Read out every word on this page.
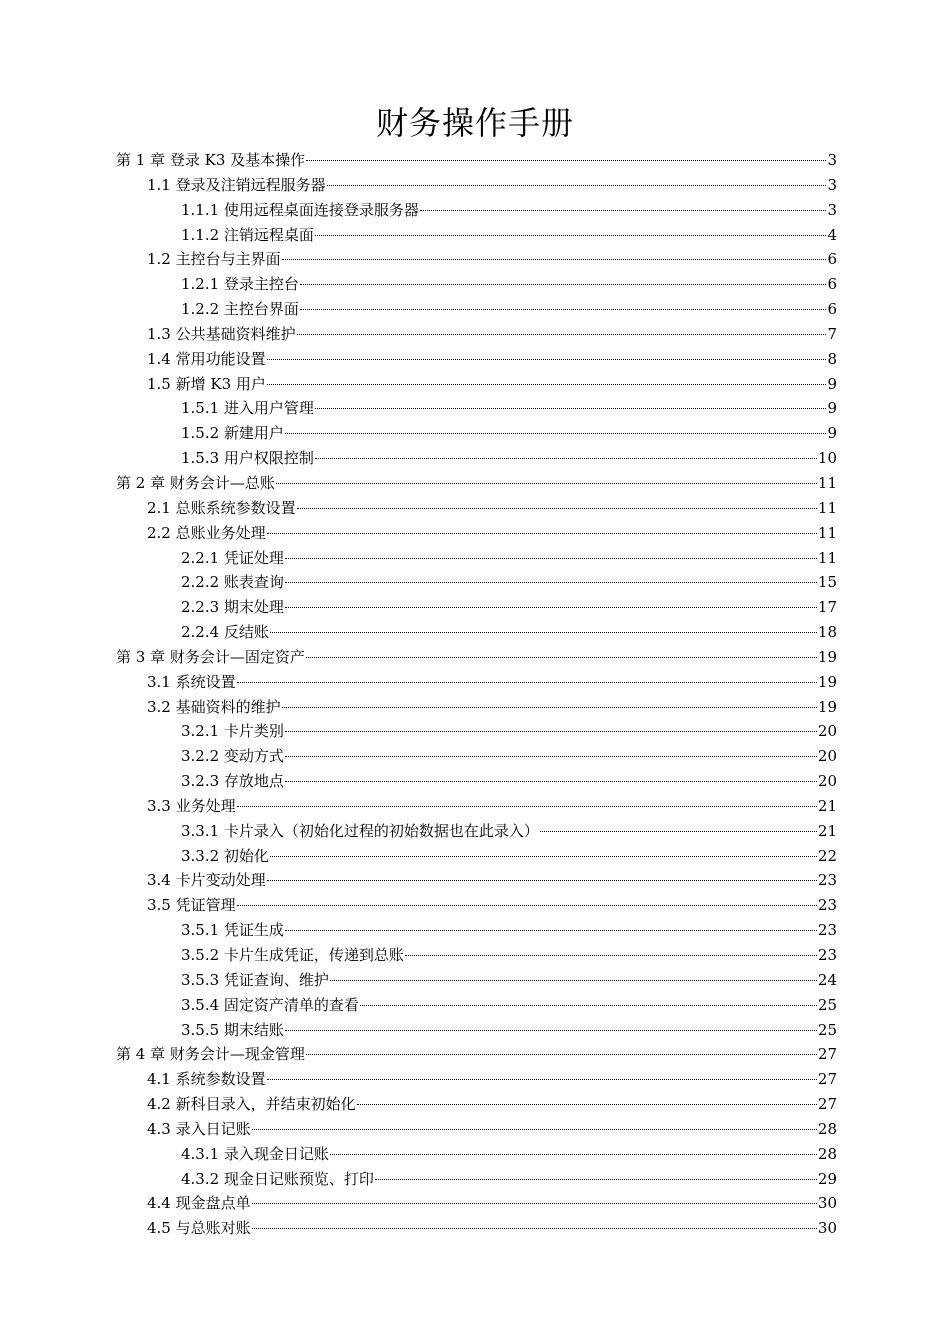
财务操作手册
第 1 章 登录 K3 及基本操作	3
1.1 登录及注销远程服务器	3
1.1.1 使用远程桌面连接登录服务器	3
1.1.2 注销远程桌面	4
1.2 主控台与主界面	6
1.2.1 登录主控台	6
1.2.2 主控台界面	6
1.3 公共基础资料维护	7
1.4 常用功能设置	8
1.5 新增 K3 用户	9
1.5.1 进入用户管理	9
1.5.2 新建用户	9
1.5.3 用户权限控制	10
第 2 章 财务会计—总账	11
2.1 总账系统参数设置	11
2.2 总账业务处理	11
2.2.1 凭证处理	11
2.2.2 账表查询	15
2.2.3 期末处理	17
2.2.4 反结账	18
第 3 章 财务会计—固定资产	19
3.1 系统设置	19
3.2 基础资料的维护	19
3.2.1 卡片类别	20
3.2.2 变动方式	20
3.2.3 存放地点	20
3.3 业务处理	21
3.3.1 卡片录入（初始化过程的初始数据也在此录入）	21
3.3.2 初始化	22
3.4 卡片变动处理	23
3.5 凭证管理	23
3.5.1 凭证生成	23
3.5.2 卡片生成凭证，传递到总账	23
3.5.3 凭证查询、维护	24
3.5.4 固定资产清单的查看	25
3.5.5 期末结账	25
第 4 章 财务会计—现金管理	27
4.1 系统参数设置	27
4.2 新科目录入，并结束初始化	27
4.3 录入日记账	28
4.3.1 录入现金日记账	28
4.3.2 现金日记账预览、打印	29
4.4 现金盘点单	30
4.5 与总账对账	30
